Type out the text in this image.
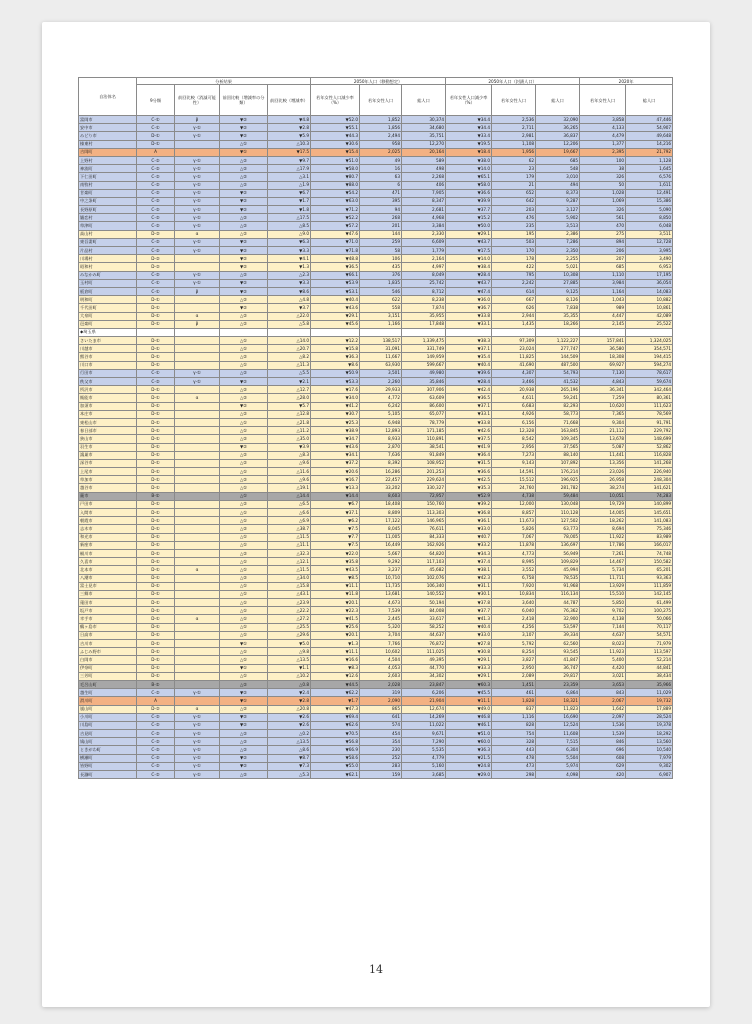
自治体名	分析結果				2050年人口（移動想定）			2050年人口（封鎖人口）			2020年	
	9分類	前回比較（消滅可能性）	前回比較（増減率の分類）	前回比較（増減率）	若年女性人口減少率（%）	若年女性人口	総人口	若年女性人口減少率（%）	若年女性人口	総人口	若年女性人口	総人口
富岡市	C-①	β	▼②	▼4.8	▼52.0	1,852	30,374	▼34.4	2,536	32,090	3,858	47,446
安中市	C-①	γ-①	▼②	▼2.8	▼55.1	1,856	34,680	▼34.4	2,711	36,265	4,133	54,907
みどり市	D-①	γ-①	▼②	▼5.9	▼44.3	2,494	35,751	▼33.4	2,981	36,837	4,479	49,648
榛東村	D-①		△①	△10.3	▼30.6	958	12,270	▼19.5	1,108	12,206	1,377	14,216
吉岡町	A		▼①	▼17.5	▼15.4	2,025	20,164	▼18.4	1,956	19,667	2,395	21,792
上野村	C-②	γ-①	△②	▼9.7	▼51.0	49	589	▼38.0	62	685	100	1,128
神流町	C-②	γ-①	△②	△17.9	▼58.0	16	498	▼14.0	23	548	38	1,645
下仁田町	C-②	γ-①	△②	△3.1	▼80.7	63	2,268	▼65.1	179	3,010	326	6,576
南牧村	C-②	γ-①	△②	△1.9	▼88.0	6	406	▼58.0	21	494	50	1,611
甘楽町	C-②	γ-①	▼②	▼6.7	▼54.2	471	7,905	▼36.6	652	8,373	1,028	12,491
中之条町	C-②	γ-①	▼②	▼1.7	▼63.0	395	8,347	▼39.9	642	9,287	1,069	15,386
長野原町	C-②	γ-①	▼②	▼1.8	▼71.2	94	2,681	▼37.7	203	3,127	326	5,090
嬬恋村	C-②	γ-①	△②	△17.5	▼52.2	268	4,968	▼15.2	476	5,902	561	8,850
草津町	C-②	γ-①	△②	△8.5	▼57.2	201	3,384	▼50.0	235	3,513	470	6,048
高山村	D-②	α	△②	△9.0	▼47.6	144	2,330	▼29.1	195	2,386	275	3,511
東吾妻町	C-②	γ-①	▼②	▼6.3	▼71.0	259	6,609	▼43.7	503	7,286	894	12,728
片品村	C-②	γ-①	▼②	▼3.3	▼71.8	58	1,779	▼17.5	170	2,350	206	3,995
川場村	D-②		▼②	▼4.1	▼48.8	106	2,164	▼14.0	178	2,255	207	3,490
昭和村	D-②		▼②	▼1.3	▼36.5	435	4,997	▼38.4	422	5,021	685	6,953
みなかみ町	C-②	γ-①	△②	△2.3	▼66.1	376	8,049	▼28.4	795	10,308	1,110	17,195
玉村町	C-①	γ-①	▼②	▼3.3	▼53.9	1,835	25,742	▼43.7	2,242	27,885	3,984	36,054
板倉町	C-①	β	▼②	▼8.6	▼53.1	546	8,712	▼47.4	614	9,125	1,164	14,083
明和町	D-①		△②	△4.8	▼40.4	622	8,238	▼36.0	667	8,126	1,043	10,882
千代田町	D-①		▼②	▼3.7	▼43.6	558	7,874	▼36.7	626	7,838	989	10,861
大泉町	D-①	α	△②	△22.0	▼29.1	3,151	35,955	▼33.8	2,944	35,355	4,447	42,089
邑楽町	D-①	β	△②	△5.8	▼45.6	1,166	17,848	▼33.1	1,435	18,266	2,145	25,522
◆埼玉県												
さいたま市	D-①		△①	△14.0	▼12.2	138,517	1,339,475	▼38.3	97,309	1,122,227	157,841	1,324,025
川越市	D-①		△①	△20.7	▼15.8	31,091	331,749	▼37.1	23,024	277,747	36,580	354,571
熊谷市	D-①		△②	△8.2	▼36.3	11,667	149,959	▼35.4	11,825	144,509	18,308	194,415
川口市	D-①		△①	△11.3	▼8.6	63,930	599,667	▼40.4	41,690	487,500	69,927	594,274
行田市	C-①	γ-①	△②	△5.5	▼50.9	3,501	49,980	▼39.6	4,307	54,793	7,130	78,617
秩父市	C-②	γ-①	▼②	▼2.1	▼53.3	2,260	35,846	▼28.4	3,466	41,532	4,843	59,674
所沢市	D-①		△②	△12.7	▼17.6	29,933	307,906	▼42.4	20,938	265,196	36,341	342,464
飯能市	D-①	α	△②	△28.0	▼34.0	4,772	63,609	▼36.5	4,611	59,241	7,259	80,361
加須市	D-①		▼②	▼5.7	▼41.2	6,242	86,600	▼37.1	6,683	82,293	10,620	111,623
本庄市	D-①		△②	△12.8	▼30.7	5,105	65,077	▼33.1	4,926	58,773	7,365	78,569
東松山市	D-①		△①	△21.8	▼25.3	6,948	78,779	▼33.8	6,156	71,668	9,304	91,791
春日部市	D-①		△①	△11.2	▼38.9	12,893	171,185	▼42.6	12,328	163,845	21,112	229,792
狭山市	D-①		△②	△35.0	▼34.7	8,933	110,891	▼37.5	8,542	109,345	13,678	148,699
羽生市	D-①		▼②	▼3.9	▼43.6	2,870	38,541	▼41.9	2,956	37,565	5,087	52,862
鴻巣市	D-①		△②	△8.3	▼34.1	7,636	91,849	▼36.4	7,273	88,140	11,441	116,828
深谷市	D-①		△②	△9.6	▼37.2	8,392	108,952	▼31.5	9,143	107,892	13,356	141,268
上尾市	D-①		△①	△11.6	▼20.6	16,286	201,253	▼36.6	14,591	176,214	23,026	226,940
草加市	D-①		△②	△9.6	▼16.7	22,457	229,624	▼42.5	15,512	196,925	26,958	248,304
越谷市	D-①		△①	△19.1	▼13.3	33,202	330,327	▼35.3	24,760	281,782	38,274	341,621
蕨市	B-①		△①	△14.4	▼14.4	8,603	72,957	▼52.9	4,738	59,484	10,051	74,283
戸田市	D-①		△②	△6.5	▼6.7	18,408	150,760	▼39.2	12,000	130,048	19,729	140,899
入間市	D-①		△①	△6.6	▼37.1	8,809	113,303	▼36.8	8,857	110,128	14,005	145,651
朝霞市	D-①		△①	△6.9	▼6.2	17,122	146,965	▼36.1	11,673	127,502	18,262	141,083
志木市	D-①		△②	△38.7	▼7.5	8,045	76,611	▼33.0	5,826	63,773	8,694	75,346
和光市	D-①		△①	△11.5	▼7.7	11,005	84,333	▼40.7	7,067	78,005	11,922	83,989
新座市	D-①		△①	△11.1	▼7.5	16,449	162,926	▼33.2	11,878	136,697	17,786	166,017
桶川市	D-①		△②	△32.3	▼22.0	5,667	64,820	▼34.3	4,773	56,949	7,261	74,748
久喜市	D-①		△①	△12.1	▼35.8	9,292	117,103	▼37.4	8,995	109,829	14,467	150,582
北本市	D-①	α	△①	△11.5	▼43.5	3,237	45,682	▼38.1	3,552	45,994	5,734	65,201
八潮市	D-①		△②	△34.0	▼8.5	10,710	102,076	▼42.3	6,758	78,535	11,711	93,363
富士見市	D-①		△①	△15.8	▼11.1	11,735	106,340	▼31.1	7,920	91,968	13,929	111,859
三郷市	D-①		△①	△43.1	▼11.8	13,681	140,552	▼30.1	10,834	116,134	15,510	142,145
蓮田市	D-①		△①	△23.9	▼20.1	4,673	50,194	▼37.8	3,640	44,787	5,850	61,499
坂戸市	D-①		△①	△22.2	▼22.3	7,539	84,008	▼37.7	6,040	76,362	9,702	100,275
幸手市	D-①	α	△①	△27.2	▼41.5	2,445	33,617	▼41.3	2,418	32,900	4,138	50,066
鶴ヶ島市	D-①		△①	△25.5	▼25.6	5,320	58,252	▼40.4	4,256	53,597	7,144	70,117
日高市	D-①		△①	△29.6	▼20.1	3,704	44,637	▼33.0	3,107	39,334	4,637	54,571
吉川市	D-①		▼①	▼5.0	▼1.3	7,766	76,872	▼27.8	5,792	62,560	8,023	71,979
ふじみ野市	D-①		△①	△9.8	▼11.1	10,602	111,025	▼30.8	8,254	93,545	11,923	113,597
白岡市	D-①		△①	△13.5	▼16.6	4,504	49,395	▼29.1	3,827	41,847	5,400	52,214
伊奈町	D-①		▼①	▼1.1	▼8.3	4,053	44,770	▼33.3	2,950	36,747	4,420	44,841
三芳町	D-①		△①	△10.2	▼12.6	2,603	34,302	▼29.1	2,089	29,817	3,021	38,434
毛呂山町	B-②		△②	△0.8	▼44.5	2,028	23,847	▼60.3	1,451	23,359	3,653	35,966
越生町	C-②	γ-①	▼②	▼2.4	▼62.2	319	6,206	▼45.5	461	6,864	843	11,029
滑川町	A		▼①	▼2.8	▼1.7	2,090	21,904	▼11.1	1,828	18,321	2,067	19,732
嵐山町	D-②	α	△②	△20.8	▼47.3	865	12,674	▼49.0	837	11,823	1,642	17,889
小川町	C-②	γ-①	▼②	▼2.6	▼69.4	641	14,269	▼46.8	1,116	16,690	2,097	28,524
川島町	C-②	γ-①	▼②	▼2.6	▼62.6	574	11,022	▼46.1	828	12,524	1,536	19,378
吉見町	C-②	γ-①	△②	△0.2	▼70.5	454	9,671	▼51.0	754	11,608	1,539	18,292
鳩山町	C-②	γ-①	△②	△13.5	▼56.8	354	7,290	▼60.0	328	7,515	846	13,560
ときがわ町	C-②	γ-①	△②	△8.6	▼66.9	230	5,535	▼36.3	443	6,304	696	10,540
横瀬町	C-②	γ-①	▼②	▼8.7	▼58.6	252	4,779	▼21.5	478	5,504	608	7,979
皆野町	C-②	γ-①	▼②	▼7.3	▼55.0	283	5,160	▼24.8	473	5,974	629	9,302
長瀞町	C-②	γ-①	△②	△5.3	▼62.1	159	3,685	▼29.0	298	4,098	420	6,907
14
